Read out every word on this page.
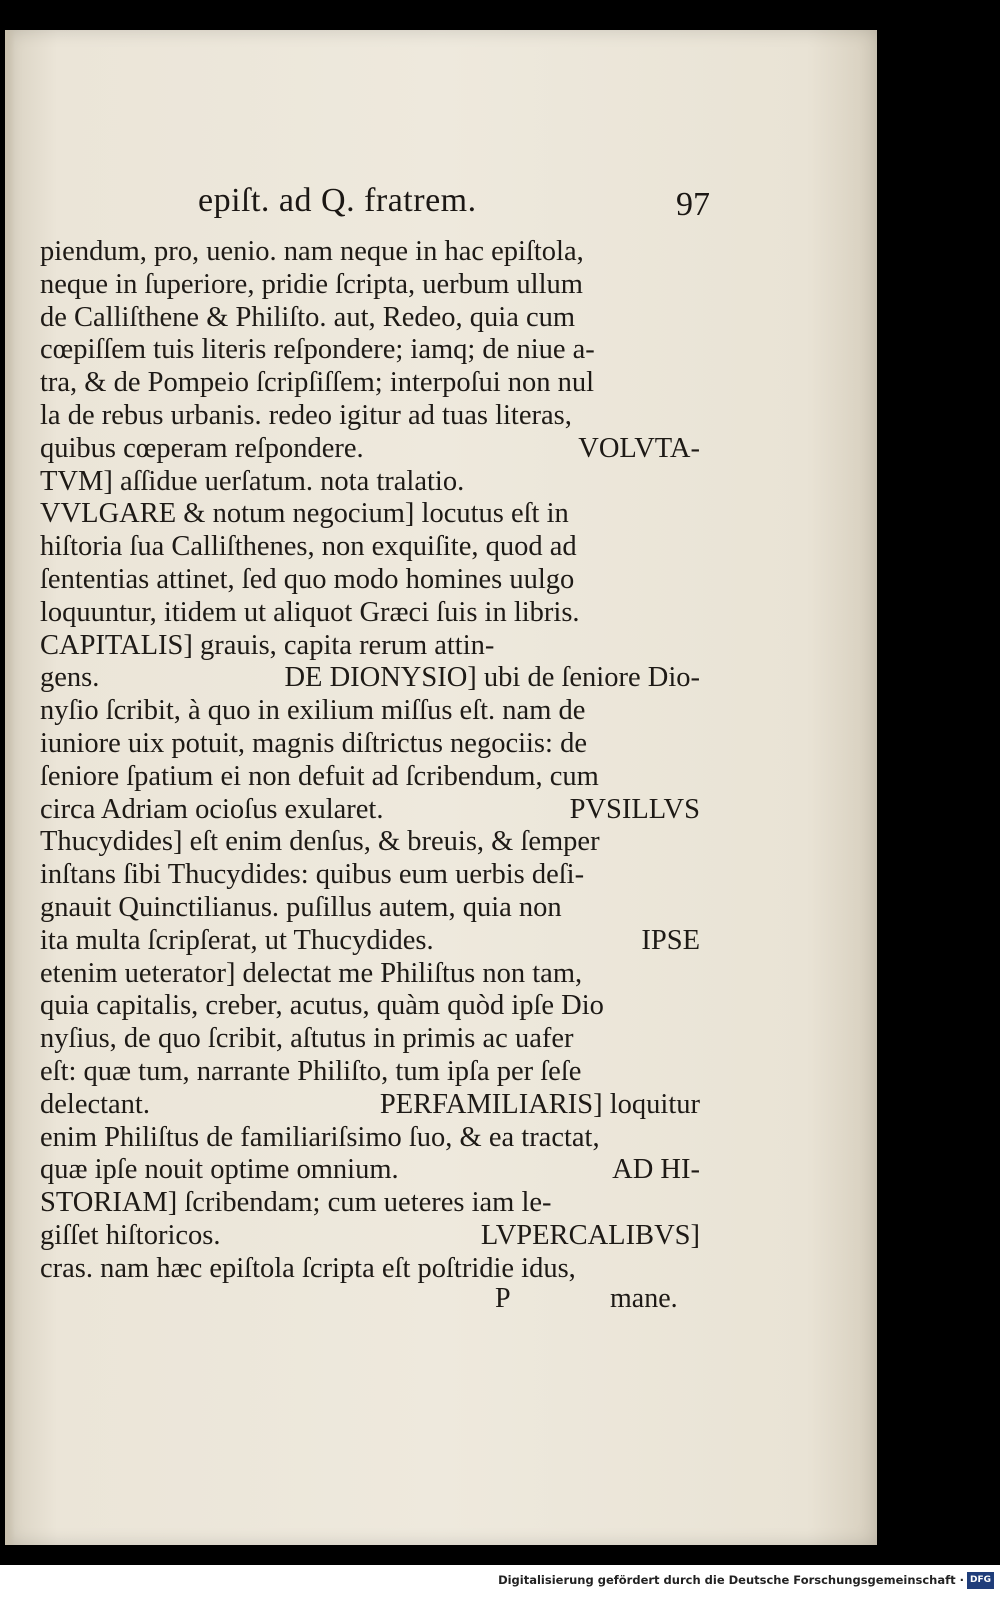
epiſt. ad Q. fratrem.	97
piendum, pro, uenio. nam neque in hac epiſtola,
neque in ſuperiore, pridie ſcripta, uerbum ullum
de Calliſthene & Philiſto. aut, Redeo, quia cum
cœpiſſem tuis literis reſpondere; iamq; de niue a-
tra, & de Pompeio ſcripſiſſem; interpoſui non nul
la de rebus urbanis. redeo igitur ad tuas literas,
quibus cœperam reſpondere.	VOLVTA-
TVM] aſſidue uerſatum. nota tralatio.
VVLGARE & notum negocium] locutus eſt in
hiſtoria ſua Calliſthenes, non exquiſite, quod ad
ſententias attinet, ſed quo modo homines uulgo
loquuntur, itidem ut aliquot Græci ſuis in libris.
CAPITALIS] grauis, capita rerum attin-
gens.	DE DIONYSIO] ubi de ſeniore Dio-
nyſio ſcribit, à quo in exilium miſſus eſt. nam de
iuniore uix potuit, magnis diſtrictus negociis: de
ſeniore ſpatium ei non defuit ad ſcribendum, cum
circa Adriam ocioſus exularet.	PVSILLVS
Thucydides] eſt enim denſus, & breuis, & ſemper
inſtans ſibi Thucydides: quibus eum uerbis deſi-
gnauit Quinctilianus. puſillus autem, quia non
ita multa ſcripſerat, ut Thucydides.	IPSE
etenim ueterator] delectat me Philiſtus non tam,
quia capitalis, creber, acutus, quàm quòd ipſe Dio
nyſius, de quo ſcribit, aſtutus in primis ac uafer
eſt: quæ tum, narrante Philiſto, tum ipſa per ſeſe
delectant.	PERFAMILIARIS] loquitur
enim Philiſtus de familiariſsimo ſuo, & ea tractat,
quæ ipſe nouit optime omnium.	AD HI-
STORIAM] ſcribendam; cum ueteres iam le-
giſſet hiſtoricos.	LVPERCALIBVS]
cras. nam hæc epiſtola ſcripta eſt poſtridie idus,
P	mane.
Digitalisierung gefördert durch die Deutsche Forschungsgemeinschaft · DFG
